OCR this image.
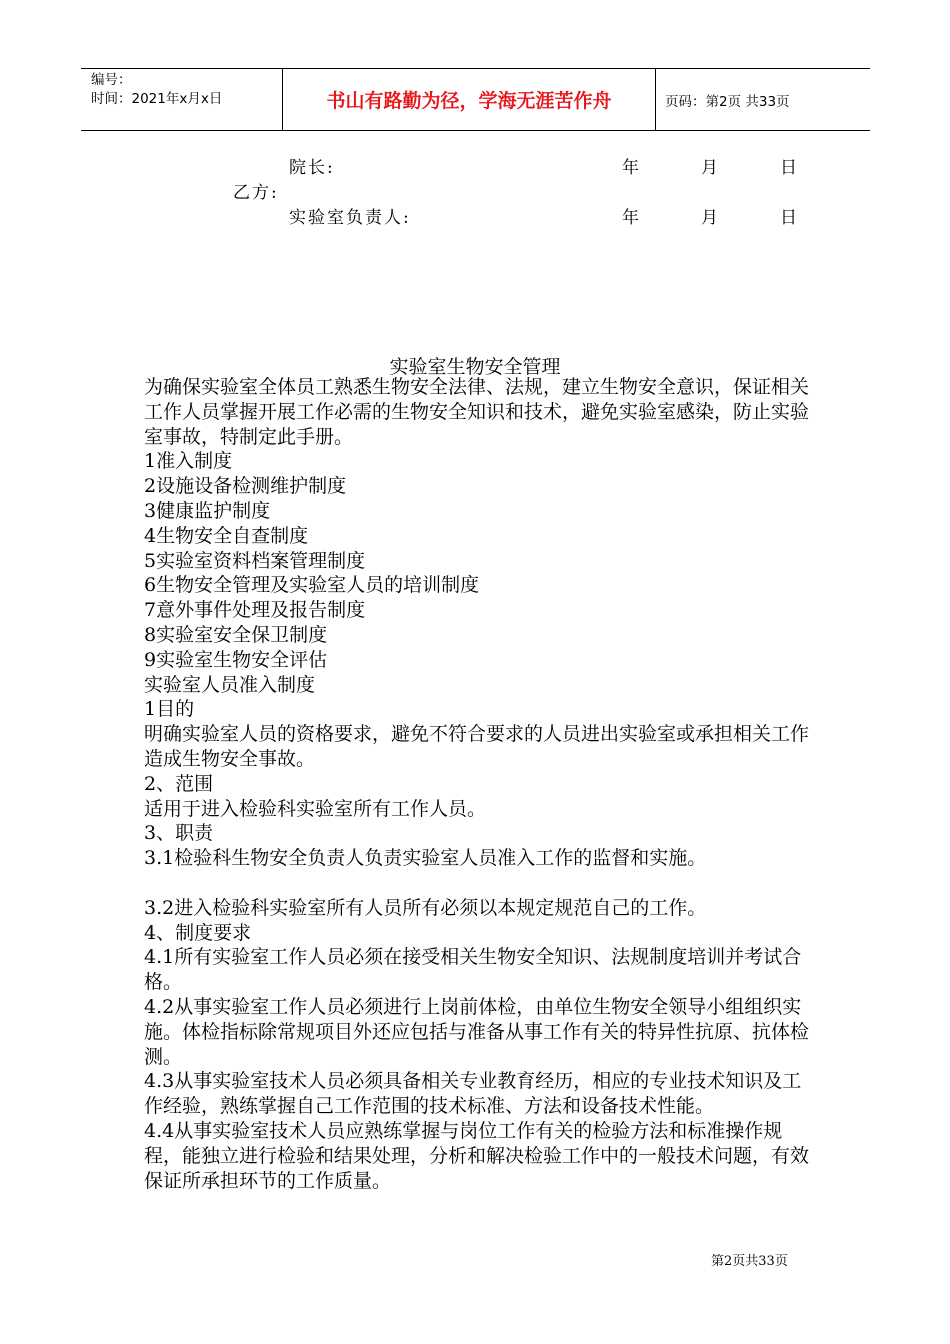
编号：
时间：2021年x月x日	书山有路勤为径，学海无涯苦作舟	页码：第2页 共33页
院长:	年	月	日
乙方:
实验室负责人:	年	月	日
实验室生物安全管理

为确保实验室全体员工熟悉生物安全法律、法规，建立生物安全意识，保证相关工作人员掌握开展工作必需的生物安全知识和技术，避免实验室感染，防止实验室事故，特制定此手册。

1准入制度

2设施设备检测维护制度

3健康监护制度

4生物安全自查制度

5实验室资料档案管理制度

6生物安全管理及实验室人员的培训制度

7意外事件处理及报告制度

8实验室安全保卫制度

9实验室生物安全评估

实验室人员准入制度

1目的

明确实验室人员的资格要求，避免不符合要求的人员进出实验室或承担相关工作造成生物安全事故。

2、范围

适用于进入检验科实验室所有工作人员。

3、职责

3.1检验科生物安全负责人负责实验室人员准入工作的监督和实施。

3.2进入检验科实验室所有人员所有必须以本规定规范自己的工作。

4、制度要求

4.1所有实验室工作人员必须在接受相关生物安全知识、法规制度培训并考试合格。

4.2从事实验室工作人员必须进行上岗前体检，由单位生物安全领导小组组织实施。体检指标除常规项目外还应包括与准备从事工作有关的特异性抗原、抗体检测。

4.3从事实验室技术人员必须具备相关专业教育经历，相应的专业技术知识及工作经验，熟练掌握自己工作范围的技术标准、方法和设备技术性能。

4.4从事实验室技术人员应熟练掌握与岗位工作有关的检验方法和标准操作规程，能独立进行检验和结果处理，分析和解决检验工作中的一般技术问题，有效保证所承担环节的工作质量。

第2页共33页
